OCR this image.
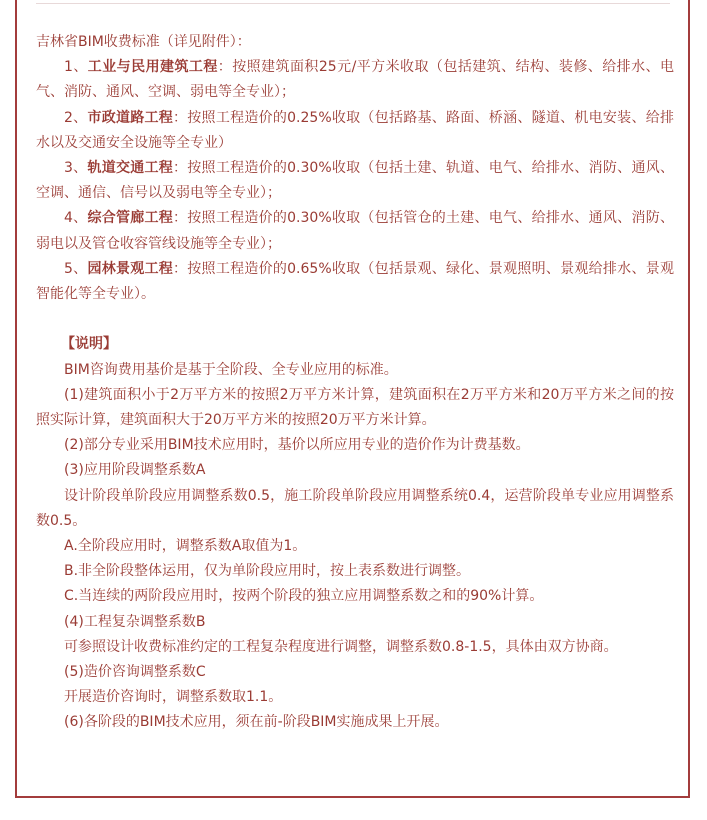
吉林省BIM收费标准（详见附件）：

1、工业与民用建筑工程：按照建筑面积25元/平方米收取（包括建筑、结构、装修、给排水、电气、消防、通风、空调、弱电等全专业）；

2、市政道路工程：按照工程造价的0.25%收取（包括路基、路面、桥涵、隧道、机电安装、给排水以及交通安全设施等全专业）

3、轨道交通工程：按照工程造价的0.30%收取（包括土建、轨道、电气、给排水、消防、通风、空调、通信、信号以及弱电等全专业）；

4、综合管廊工程：按照工程造价的0.30%收取（包括管仓的土建、电气、给排水、通风、消防、弱电以及管仓收容管线设施等全专业）；

5、园林景观工程：按照工程造价的0.65%收取（包括景观、绿化、景观照明、景观给排水、景观智能化等全专业）。

【说明】

BIM咨询费用基价是基于全阶段、全专业应用的标准。

(1)建筑面积小于2万平方米的按照2万平方米计算，建筑面积在2万平方米和20万平方米之间的按照实际计算，建筑面积大于20万平方米的按照20万平方米计算。

(2)部分专业采用BIM技术应用时，基价以所应用专业的造价作为计费基数。

(3)应用阶段调整系数A

设计阶段单阶段应用调整系数0.5，施工阶段单阶段应用调整系统0.4，运营阶段单专业应用调整系数0.5。

A.全阶段应用时，调整系数A取值为1。

B.非全阶段整体运用，仅为单阶段应用时，按上表系数进行调整。

C.当连续的两阶段应用时，按两个阶段的独立应用调整系数之和的90%计算。

(4)工程复杂调整系数B

可参照设计收费标准约定的工程复杂程度进行调整，调整系数0.8-1.5，具体由双方协商。

(5)造价咨询调整系数C

开展造价咨询时，调整系数取1.1。

(6)各阶段的BIM技术应用，须在前-阶段BIM实施成果上开展。
